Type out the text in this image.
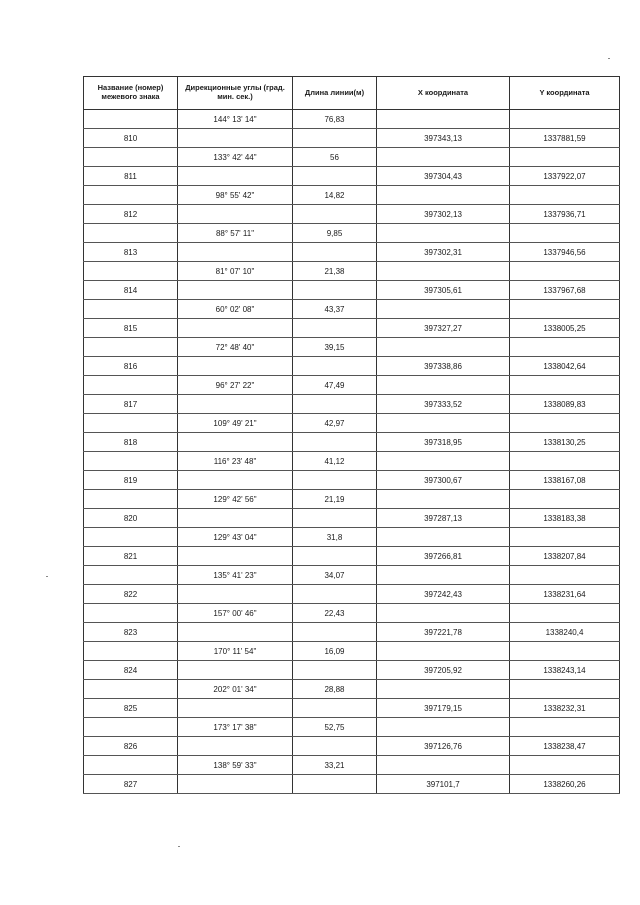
Название (номер) межевого знака	Дирекционные углы (град. мин. сек.)	Длина линии(м)	X координата	Y координата
	144° 13' 14"	76,83		
810			397343,13	1337881,59
	133° 42' 44"	56		
811			397304,43	1337922,07
	98° 55' 42"	14,82		
812			397302,13	1337936,71
	88° 57' 11"	9,85		
813			397302,31	1337946,56
	81° 07' 10"	21,38		
814			397305,61	1337967,68
	60° 02' 08"	43,37		
815			397327,27	1338005,25
	72° 48' 40"	39,15		
816			397338,86	1338042,64
	96° 27' 22"	47,49		
817			397333,52	1338089,83
	109° 49' 21"	42,97		
818			397318,95	1338130,25
	116° 23' 48"	41,12		
819			397300,67	1338167,08
	129° 42' 56"	21,19		
820			397287,13	1338183,38
	129° 43' 04"	31,8		
821			397266,81	1338207,84
	135° 41' 23"	34,07		
822			397242,43	1338231,64
	157° 00' 46"	22,43		
823			397221,78	1338240,4
	170° 11' 54"	16,09		
824			397205,92	1338243,14
	202° 01' 34"	28,88		
825			397179,15	1338232,31
	173° 17' 38"	52,75		
826			397126,76	1338238,47
	138° 59' 33"	33,21		
827			397101,7	1338260,26
